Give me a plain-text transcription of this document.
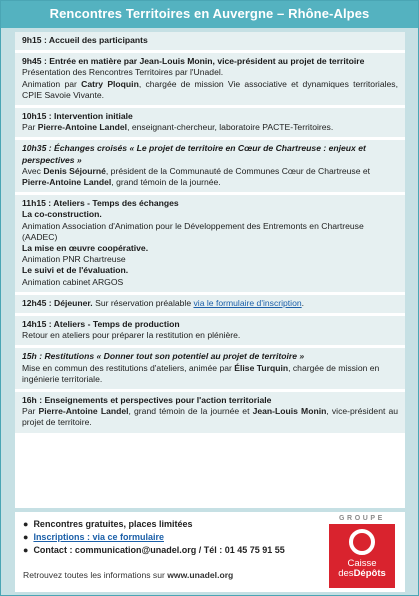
Rencontres Territoires en Auvergne – Rhône-Alpes
9h15 : Accueil des participants
9h45 : Entrée en matière par Jean-Louis Monin, vice-président au projet de territoire
Présentation des Rencontres Territoires par l'Unadel.
Animation par Catry Ploquin, chargée de mission Vie associative et dynamiques territoriales, CPIE Savoie Vivante.
10h15 : Intervention initiale
Par Pierre-Antoine Landel, enseignant-chercheur, laboratoire PACTE-Territoires.
10h35 : Échanges croisés « Le projet de territoire en Cœur de Chartreuse : enjeux et perspectives »
Avec Denis Séjourné, président de la Communauté de Communes Cœur de Chartreuse et Pierre-Antoine Landel, grand témoin de la journée.
11h15 : Ateliers - Temps des échanges
La co-construction.
Animation Association d'Animation pour le Développement des Entremonts en Chartreuse (AADEC)
La mise en œuvre coopérative.
Animation PNR Chartreuse
Le suivi et de l'évaluation.
Animation cabinet ARGOS
12h45 : Déjeuner. Sur réservation préalable via le formulaire d'inscription.
14h15 : Ateliers - Temps de production
Retour en ateliers pour préparer la restitution en plénière.
15h : Restitutions « Donner tout son potentiel au projet de territoire »
Mise en commun des restitutions d'ateliers, animée par Élise Turquin, chargée de mission en ingénierie territoriale.
16h : Enseignements et perspectives pour l'action territoriale
Par Pierre-Antoine Landel, grand témoin de la journée et Jean-Louis Monin, vice-président au projet de territoire.
● Rencontres gratuites, places limitées
● Inscriptions : via ce formulaire
● Contact : communication@unadel.org / Tél : 01 45 75 91 55
Retrouvez toutes les informations sur www.unadel.org
GROUPE
Caisse
desDépôts
